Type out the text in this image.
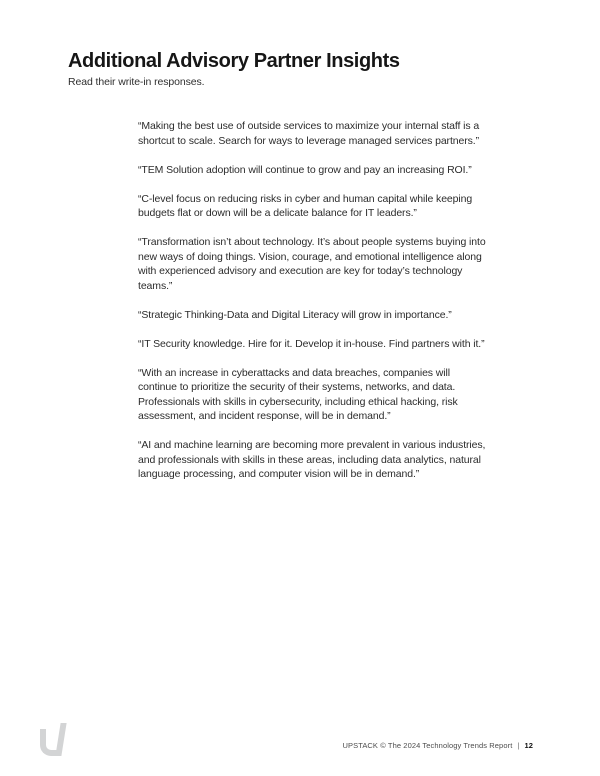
Additional Advisory Partner Insights

Read their write-in responses.

“Making the best use of outside services to maximize your internal staff is a shortcut to scale. Search for ways to leverage managed services partners.”

“TEM Solution adoption will continue to grow and pay an increasing ROI.”

“C-level focus on reducing risks in cyber and human capital while keeping budgets flat or down will be a delicate balance for IT leaders.”

“Transformation isn’t about technology. It’s about people systems buying into new ways of doing things. Vision, courage, and emotional intelligence along with experienced advisory and execution are key for today’s technology teams.”

“Strategic Thinking-Data and Digital Literacy will grow in importance.”

“IT Security knowledge. Hire for it. Develop it in-house. Find partners with it.”

“With an increase in cyberattacks and data breaches, companies will continue to prioritize the security of their systems, networks, and data. Professionals with skills in cybersecurity, including ethical hacking, risk assessment, and incident response, will be in demand.”

“AI and machine learning are becoming more prevalent in various industries, and professionals with skills in these areas, including data analytics, natural language processing, and computer vision will be in demand.”

UPSTACK © The 2024 Technology Trends Report | 12
